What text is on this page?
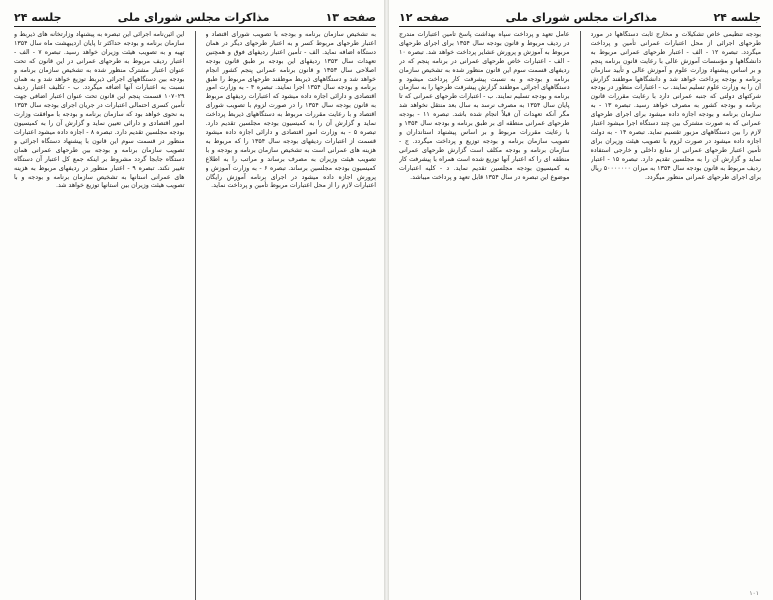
صفحه ۱۳
مذاکرات مجلس شورای ملی
جلسه ۲۴

به تشخیص سازمان برنامه و بودجه با تصویب شورای اقتصاد و اعتبار طرحهای مربوط کسر و به اعتبار طرحهای دیگر در همان دستگاه اضافه نماید. الف - تأمین اعتبار ردیفهای فوق و همچنین تعهدات سال ۱۳۵۳ ردیفهای این بودجه بر طبق قانون بودجه اصلاحی سال ۱۳۵۳ و قانون برنامه عمرانی پنجم کشور انجام خواهد شد و دستگاههای ذیربط موظفند طرحهای مربوط را طبق برنامه و بودجه سال ۱۳۵۴ اجرا نمایند. تبصره ۴ - به وزارت امور اقتصادی و دارائی اجازه داده میشود که اعتبارات ردیفهای مربوط به قانون بودجه سال ۱۳۵۴ را در صورت لزوم با تصویب شورای اقتصاد و با رعایت مقررات مربوط به دستگاههای ذیربط پرداخت نماید و گزارش آن را به کمیسیون بودجه مجلسین تقدیم دارد. تبصره ۵ - به وزارت امور اقتصادی و دارائی اجازه داده میشود قسمت از اعتبارات ردیفهای بودجه سال ۱۳۵۴ را که مربوط به هزینه های عمرانی است به تشخیص سازمان برنامه و بودجه و با تصویب هیئت وزیران به مصرف برساند و مراتب را به اطلاع کمیسیون بودجه مجلسین برساند. تبصره ۶ - به وزارت آموزش و پرورش اجازه داده میشود در اجرای برنامه آموزش رایگان اعتبارات لازم را از محل اعتبارات مربوط تأمین و پرداخت نماید.

این آئین‌نامه اجرائی این تبصره به پیشنهاد وزارتخانه های ذیربط و سازمان برنامه و بودجه حداکثر تا پایان اردیبهشت ماه سال ۱۳۵۴ تهیه و به تصویب هیئت وزیران خواهد رسید. تبصره ۷ - الف - اعتبار ردیف مربوط به طرحهای عمرانی در این قانون که تحت عنوان اعتبار مشترک منظور شده به تشخیص سازمان برنامه و بودجه بین دستگاههای اجرائی ذیربط توزیع خواهد شد و به همان نسبت به اعتبارات آنها اضافه میگردد. ب - تکلیف اعتبار ردیف ۱۰۷۰۲۹ قسمت پنجم این قانون تحت عنوان اعتبار اضافی جهت تأمین کسری احتمالی اعتبارات در جریان اجرای بودجه سال ۱۳۵۴ به نحوی خواهد بود که سازمان برنامه و بودجه با موافقت وزارت امور اقتصادی و دارائی تعیین نماید و گزارش آن را به کمیسیون بودجه مجلسین تقدیم دارد. تبصره ۸ - اجازه داده میشود اعتبارات منظور در قسمت سوم این قانون با پیشنهاد دستگاه اجرائی و تصویب سازمان برنامه و بودجه بین طرحهای عمرانی همان دستگاه جابجا گردد مشروط بر اینکه جمع کل اعتبار آن دستگاه تغییر نکند. تبصره ۹ - اعتبار منظور در ردیفهای مربوط به هزینه های عمرانی استانها به تشخیص سازمان برنامه و بودجه و با تصویب هیئت وزیران بین استانها توزیع خواهد شد.

جلسه ۲۴
مذاکرات مجلس شورای ملی
صفحه ۱۲

بودجه تنظیمی خاص تشکیلات و مخارج ثابت دستگاهها در مورد طرحهای اجرائی از محل اعتبارات عمرانی تأمین و پرداخت میگردد. تبصره ۱۲ - الف - اعتبار طرحهای عمرانی مربوط به دانشگاهها و مؤسسات آموزش عالی با رعایت قانون برنامه پنجم و بر اساس پیشنهاد وزارت علوم و آموزش عالی و تأیید سازمان برنامه و بودجه پرداخت خواهد شد و دانشگاهها موظفند گزارش آن را به وزارت علوم تسلیم نمایند. ب - اعتبارات منظور در بودجه شرکتهای دولتی که جنبه عمرانی دارد با رعایت مقررات قانون برنامه و بودجه کشور به مصرف خواهد رسید. تبصره ۱۳ - به سازمان برنامه و بودجه اجازه داده میشود برای اجرای طرحهای عمرانی که به صورت مشترک بین چند دستگاه اجرا میشود اعتبار لازم را بین دستگاههای مزبور تقسیم نماید. تبصره ۱۴ - به دولت اجازه داده میشود در صورت لزوم با تصویب هیئت وزیران برای تأمین اعتبار طرحهای عمرانی از منابع داخلی و خارجی استفاده نماید و گزارش آن را به مجلسین تقدیم دارد. تبصره ۱۵ - اعتبار ردیف مربوط به قانون بودجه سال ۱۳۵۴ به میزان ۵۰۰۰۰۰۰۰ ریال برای اجرای طرحهای عمرانی منظور میگردد.

عامل تعهد و پرداخت سپاه بهداشت پاسخ تأمین اعتبارات مندرج در ردیف مربوط و قانون بودجه سال ۱۳۵۴ برای اجرای طرحهای مربوط به آموزش و پرورش عشایر پرداخت خواهد شد. تبصره ۱۰ - الف - اعتبارات خاص طرحهای عمرانی در برنامه پنجم که در ردیفهای قسمت سوم این قانون منظور شده به تشخیص سازمان برنامه و بودجه و به نسبت پیشرفت کار پرداخت میشود و دستگاههای اجرائی موظفند گزارش پیشرفت طرحها را به سازمان برنامه و بودجه تسلیم نمایند. ب - اعتبارات طرحهای عمرانی که تا پایان سال ۱۳۵۴ به مصرف نرسد به سال بعد منتقل نخواهد شد مگر آنکه تعهدات آن قبلاً انجام شده باشد. تبصره ۱۱ - بودجه طرحهای عمرانی منطقه ای بر طبق برنامه و بودجه سال ۱۳۵۴ و با رعایت مقررات مربوط و بر اساس پیشنهاد استانداران و تصویب سازمان برنامه و بودجه توزیع و پرداخت میگردد. ج - سازمان برنامه و بودجه مکلف است گزارش طرحهای عمرانی منطقه ای را که اعتبار آنها توزیع شده است همراه با پیشرفت کار به کمیسیون بودجه مجلسین تقدیم نماید. د - کلیه اعتبارات موضوع این تبصره در سال ۱۳۵۴ قابل تعهد و پرداخت میباشد.

۱۰۱
